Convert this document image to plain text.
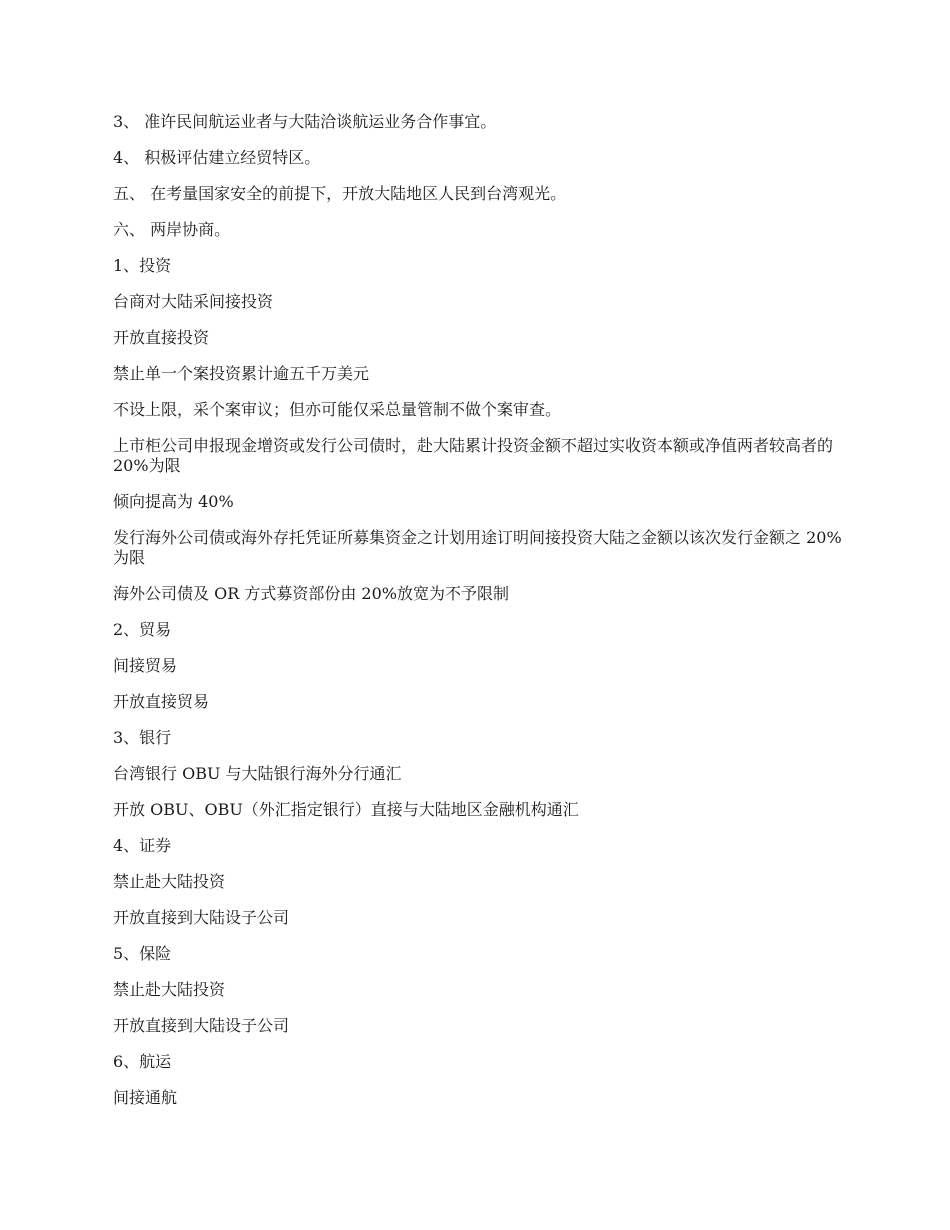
3、 准许民间航运业者与大陆洽谈航运业务合作事宜。

4、 积极评估建立经贸特区。

五、 在考量国家安全的前提下，开放大陆地区人民到台湾观光。

六、 两岸协商。

1、投资

台商对大陆采间接投资

开放直接投资

禁止单一个案投资累计逾五千万美元

不设上限，采个案审议；但亦可能仅采总量管制不做个案审查。

上市柜公司申报现金增资或发行公司债时，赴大陆累计投资金额不超过实收资本额或净值两者较高者的 20%为限

倾向提高为 40%

发行海外公司债或海外存托凭证所募集资金之计划用途订明间接投资大陆之金额以该次发行金额之 20%为限

海外公司债及 OR 方式募资部份由 20%放宽为不予限制

2、贸易

间接贸易

开放直接贸易

3、银行

台湾银行 OBU 与大陆银行海外分行通汇

开放 OBU、OBU（外汇指定银行）直接与大陆地区金融机构通汇

4、证券

禁止赴大陆投资

开放直接到大陆设子公司

5、保险

禁止赴大陆投资

开放直接到大陆设子公司

6、航运

间接通航
